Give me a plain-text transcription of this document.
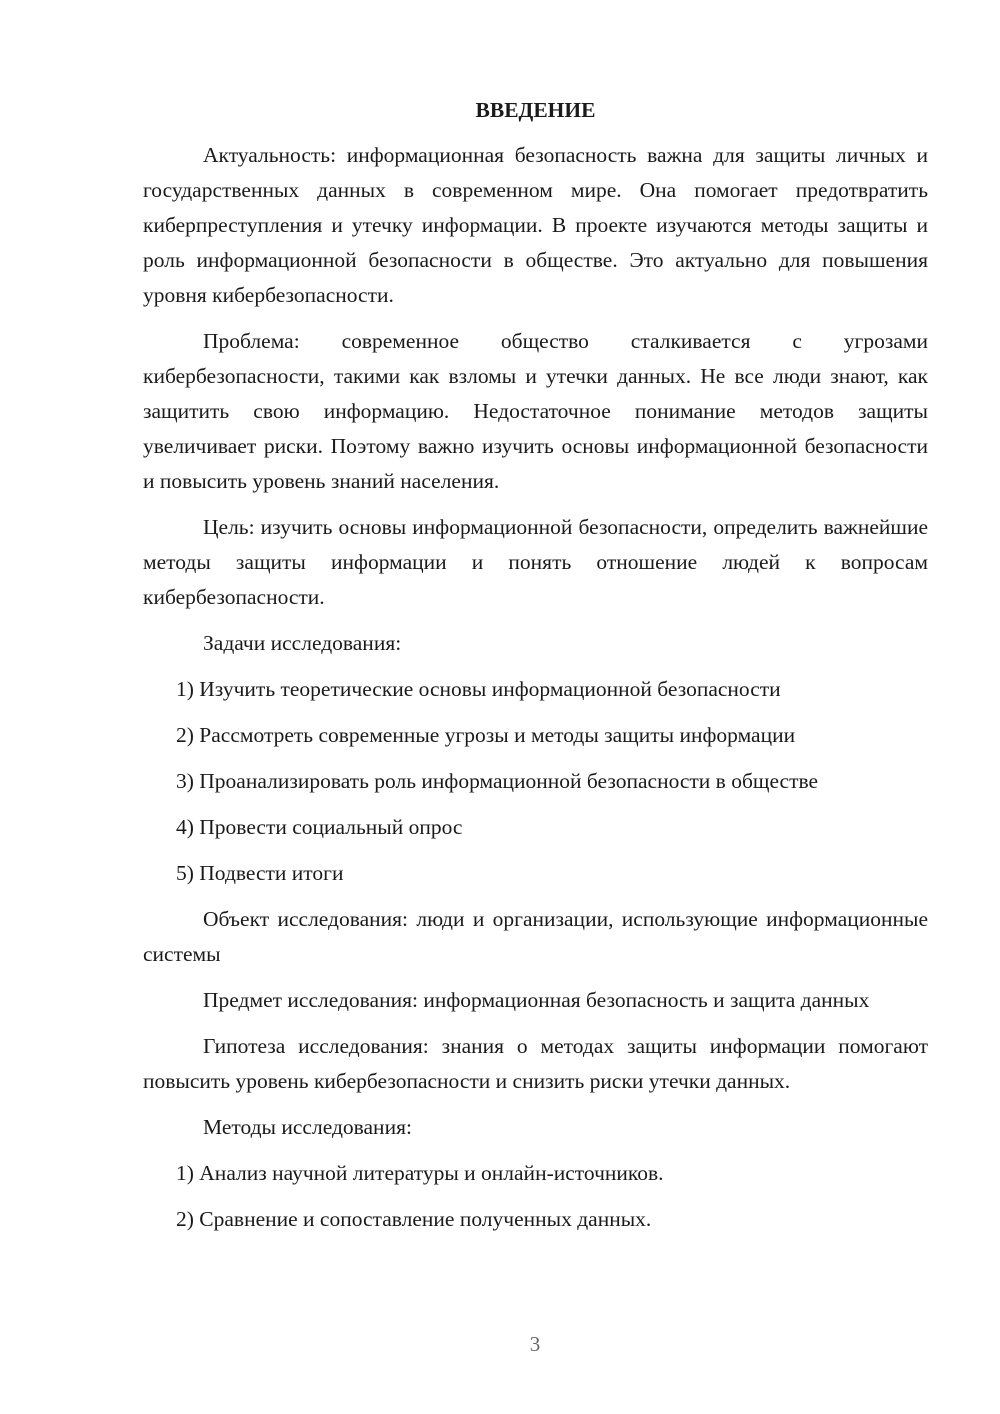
ВВЕДЕНИЕ

Актуальность: информационная безопасность важна для защиты личных и государственных данных в современном мире. Она помогает предотвратить киберпреступления и утечку информации. В проекте изучаются методы защиты и роль информационной безопасности в обществе. Это актуально для повышения уровня кибербезопасности.

Проблема: современное общество сталкивается с угрозами кибербезопасности, такими как взломы и утечки данных. Не все люди знают, как защитить свою информацию. Недостаточное понимание методов защиты увеличивает риски. Поэтому важно изучить основы информационной безопасности и повысить уровень знаний населения.

Цель: изучить основы информационной безопасности, определить важнейшие методы защиты информации и понять отношение людей к вопросам кибербезопасности.

Задачи исследования:

1) Изучить теоретические основы информационной безопасности
2) Рассмотреть современные угрозы и методы защиты информации
3) Проанализировать роль информационной безопасности в обществе
4) Провести социальный опрос
5) Подвести итоги

Объект исследования: люди и организации, использующие информационные системы

Предмет исследования: информационная безопасность и защита данных

Гипотеза исследования: знания о методах защиты информации помогают повысить уровень кибербезопасности и снизить риски утечки данных.

Методы исследования:

1) Анализ научной литературы и онлайн-источников.
2) Сравнение и сопоставление полученных данных.
3
